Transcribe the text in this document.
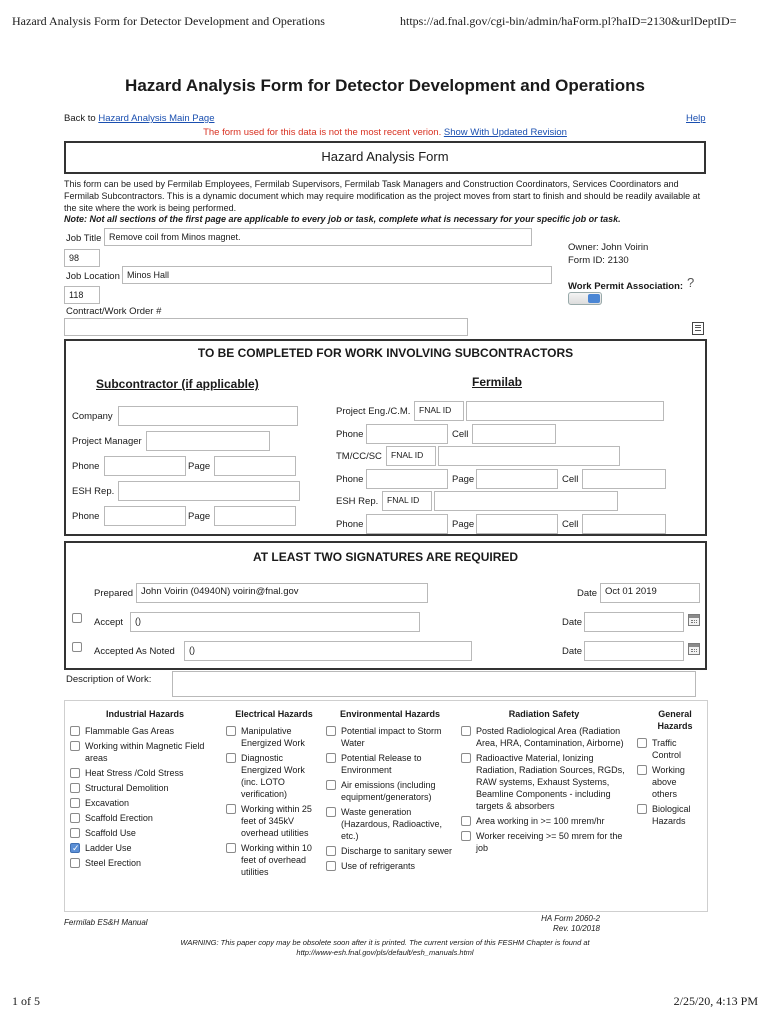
Hazard Analysis Form for Detector Development and Operations	https://ad.fnal.gov/cgi-bin/admin/haForm.pl?haID=2130&urlDeptID=
Hazard Analysis Form for Detector Development and Operations
Back to Hazard Analysis Main Page	Help
The form used for this data is not the most recent verion. Show With Updated Revision
Hazard Analysis Form
This form can be used by Fermilab Employees, Fermilab Supervisors, Fermilab Task Managers and Construction Coordinators, Services Coordinators and Fermilab Subcontractors. This is a dynamic document which may require modification as the project moves from start to finish and should be readily available at the site where the work is being performed.
Note: Not all sections of the first page are applicable to every job or task, complete what is necessary for your specific job or task.
Job Title Remove coil from Minos magnet.
98
Job Location Minos Hall
118
Contract/Work Order #
Owner: John Voirin
Form ID: 2130
Work Permit Association: ?
TO BE COMPLETED FOR WORK INVOLVING SUBCONTRACTORS
Subcontractor (if applicable)	Fermilab
Company
Project Manager
Phone	Page
ESH Rep.
Phone	Page
Project Eng./C.M.	FNAL ID
Phone	Cell
TM/CC/SC	FNAL ID
Phone	Page	Cell
ESH Rep.	FNAL ID
Phone	Page	Cell
AT LEAST TWO SIGNATURES ARE REQUIRED
Prepared John Voirin (04940N) voirin@fnal.gov	Date Oct 01 2019
Accept	()	Date
Accepted As Noted	()	Date
Description of Work:
Industrial Hazards
Flammable Gas Areas
Working within Magnetic Field areas
Heat Stress /Cold Stress
Structural Demolition
Excavation
Scaffold Erection
Scaffold Use
✓
Ladder Use
Steel Erection
Electrical Hazards
Manipulative Energized Work
Diagnostic Energized Work (inc. LOTO verification)
Working within 25 feet of 345kV overhead utilities
Working within 10 feet of overhead utilities
Environmental Hazards
Potential impact to Storm Water
Potential Release to Environment
Air emissions (including equipment/generators)
Waste generation (Hazardous, Radioactive, etc.)
Discharge to sanitary sewer
Use of refrigerants
Radiation Safety
Posted Radiological Area (Radiation Area, HRA, Contamination, Airborne)
Radioactive Material, Ionizing Radiation, Radiation Sources, RGDs, RAW systems, Exhaust Systems, Beamline Components - including targets & absorbers
Area working in >= 100 mrem/hr
Worker receiving >= 50 mrem for the job
General Hazards
Traffic Control
Working above others
Biological Hazards
Fermilab ES&H Manual	HA Form 2060-2
Rev. 10/2018
WARNING: This paper copy may be obsolete soon after it is printed. The current version of this FESHM Chapter is found at
http://www-esh.fnal.gov/pls/default/esh_manuals.html
1 of 5	2/25/20, 4:13 PM
